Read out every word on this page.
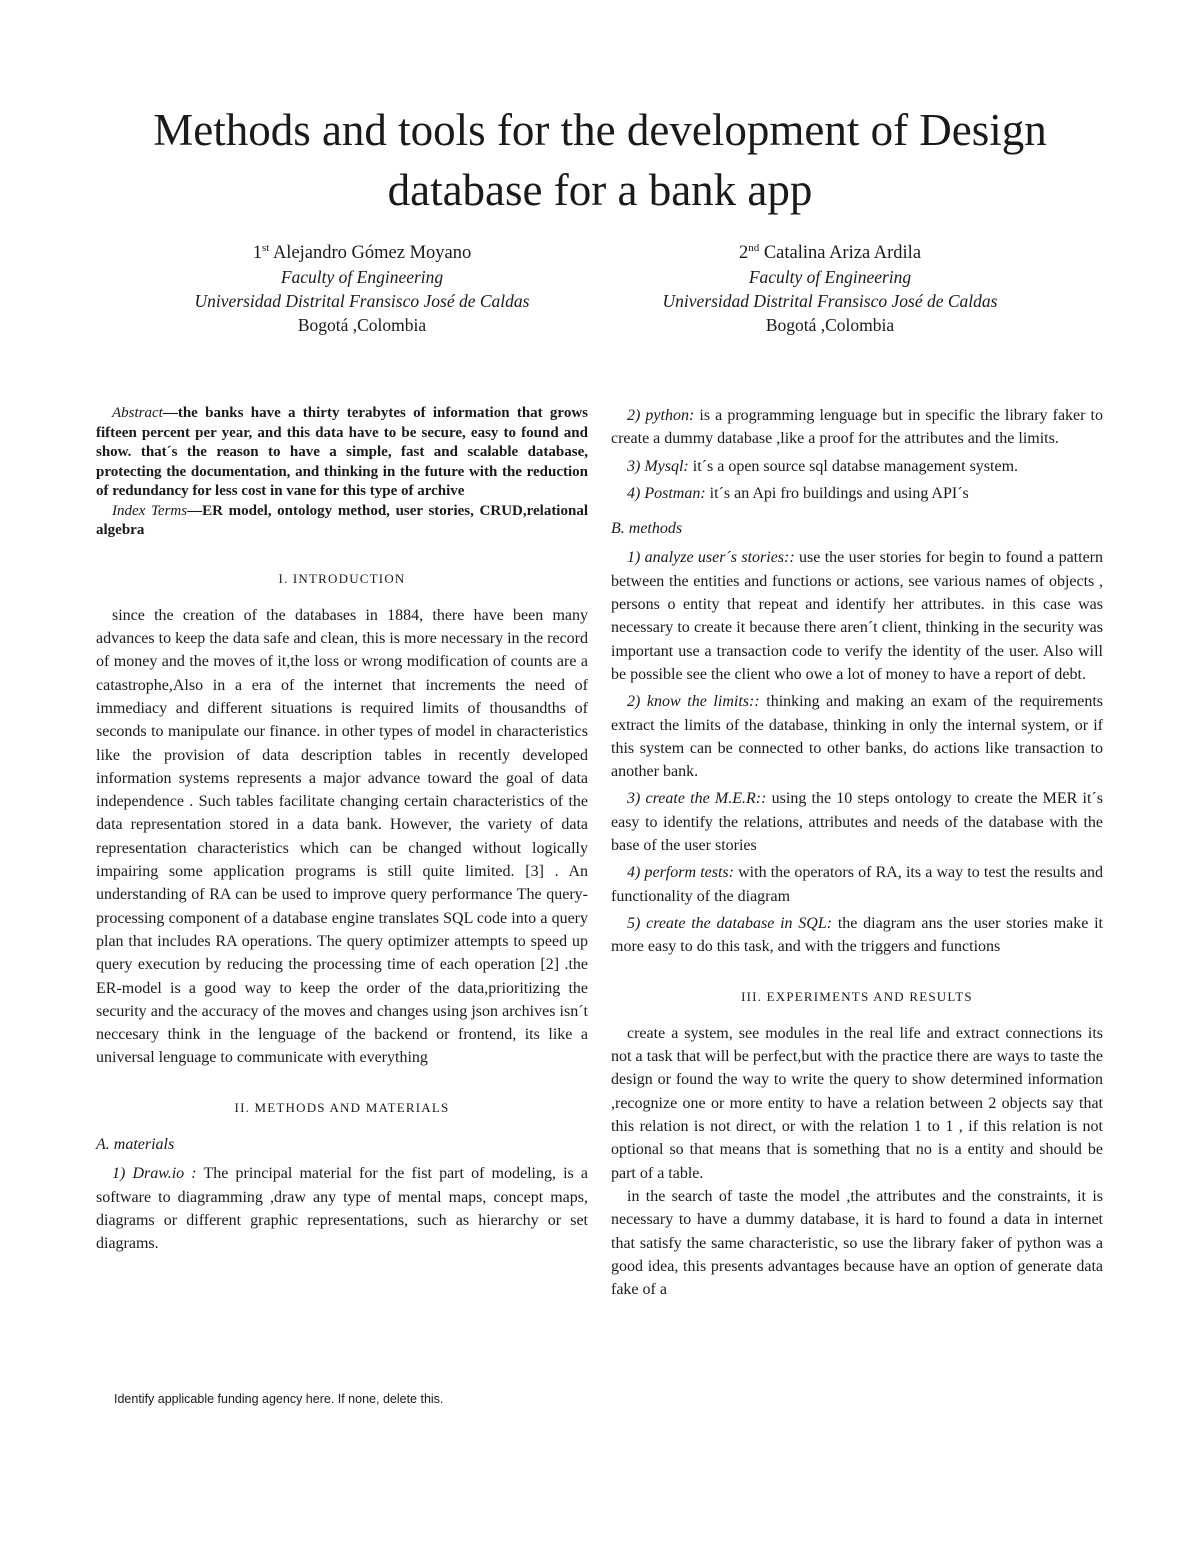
Methods and tools for the development of Design
database for a bank app
1st Alejandro Gómez Moyano
Faculty of Engineering
Universidad Distrital Fransisco José de Caldas
Bogotá ,Colombia
2nd Catalina Ariza Ardila
Faculty of Engineering
Universidad Distrital Fransisco José de Caldas
Bogotá ,Colombia

Abstract—the banks have a thirty terabytes of information that grows fifteen percent per year, and this data have to be secure, easy to found and show. that´s the reason to have a simple, fast and scalable database, protecting the documentation, and thinking in the future with the reduction of redundancy for less cost in vane for this type of archive

Index Terms—ER model, ontology method, user stories, CRUD,relational algebra

I. INTRODUCTION

since the creation of the databases in 1884, there have been many advances to keep the data safe and clean, this is more necessary in the record of money and the moves of it,the loss or wrong modification of counts are a catastrophe,Also in a era of the internet that increments the need of immediacy and different situations is required limits of thousandths of seconds to manipulate our finance. in other types of model in characteristics like the provision of data description tables in recently developed information systems represents a major advance toward the goal of data independence . Such tables facilitate changing certain characteristics of the data representation stored in a data bank. However, the variety of data representation characteristics which can be changed without logically impairing some application programs is still quite limited. [3] . An understanding of RA can be used to improve query performance The query-processing component of a database engine translates SQL code into a query plan that includes RA operations. The query optimizer attempts to speed up query execution by reducing the processing time of each operation [2] .the ER-model is a good way to keep the order of the data,prioritizing the security and the accuracy of the moves and changes using json archives isn´t neccesary think in the lenguage of the backend or frontend, its like a universal lenguage to communicate with everything

II. METHODS AND MATERIALS
A. materials

1) Draw.io : The principal material for the fist part of modeling, is a software to diagramming ,draw any type of mental maps, concept maps, diagrams or different graphic representations, such as hierarchy or set diagrams.

Identify applicable funding agency here. If none, delete this.

2) python: is a programming lenguage but in specific the library faker to create a dummy database ,like a proof for the attributes and the limits.

3) Mysql: it´s a open source sql databse management system.

4) Postman: it´s an Api fro buildings and using API´s

B. methods

1) analyze user´s stories:: use the user stories for begin to found a pattern between the entities and functions or actions, see various names of objects , persons o entity that repeat and identify her attributes. in this case was necessary to create it because there aren´t client, thinking in the security was important use a transaction code to verify the identity of the user. Also will be possible see the client who owe a lot of money to have a report of debt.

2) know the limits:: thinking and making an exam of the requirements extract the limits of the database, thinking in only the internal system, or if this system can be connected to other banks, do actions like transaction to another bank.

3) create the M.E.R:: using the 10 steps ontology to create the MER it´s easy to identify the relations, attributes and needs of the database with the base of the user stories

4) perform tests: with the operators of RA, its a way to test the results and functionality of the diagram

5) create the database in SQL: the diagram ans the user stories make it more easy to do this task, and with the triggers and functions

III. EXPERIMENTS AND RESULTS

create a system, see modules in the real life and extract connections its not a task that will be perfect,but with the practice there are ways to taste the design or found the way to write the query to show determined information ,recognize one or more entity to have a relation between 2 objects say that this relation is not direct, or with the relation 1 to 1 , if this relation is not optional so that means that is something that no is a entity and should be part of a table.

in the search of taste the model ,the attributes and the constraints, it is necessary to have a dummy database, it is hard to found a data in internet that satisfy the same characteristic, so use the library faker of python was a good idea, this presents advantages because have an option of generate data fake of a
